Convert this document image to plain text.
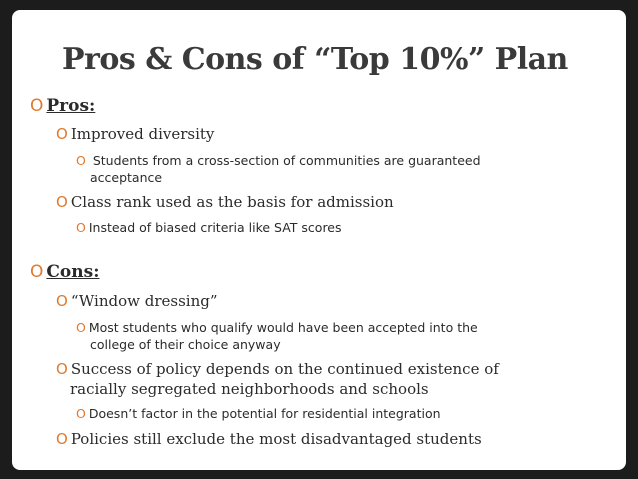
Pros & Cons of “Top 10%” Plan
O Pros:
O Improved diversity
O Students from a cross-section of communities are guaranteed
acceptance
O Class rank used as the basis for admission
O Instead of biased criteria like SAT scores
O Cons:
O “Window dressing”
O Most students who qualify would have been accepted into the
college of their choice anyway
O Success of policy depends on the continued existence of
racially segregated neighborhoods and schools
O Doesn’t factor in the potential for residential integration
O Policies still exclude the most disadvantaged students
